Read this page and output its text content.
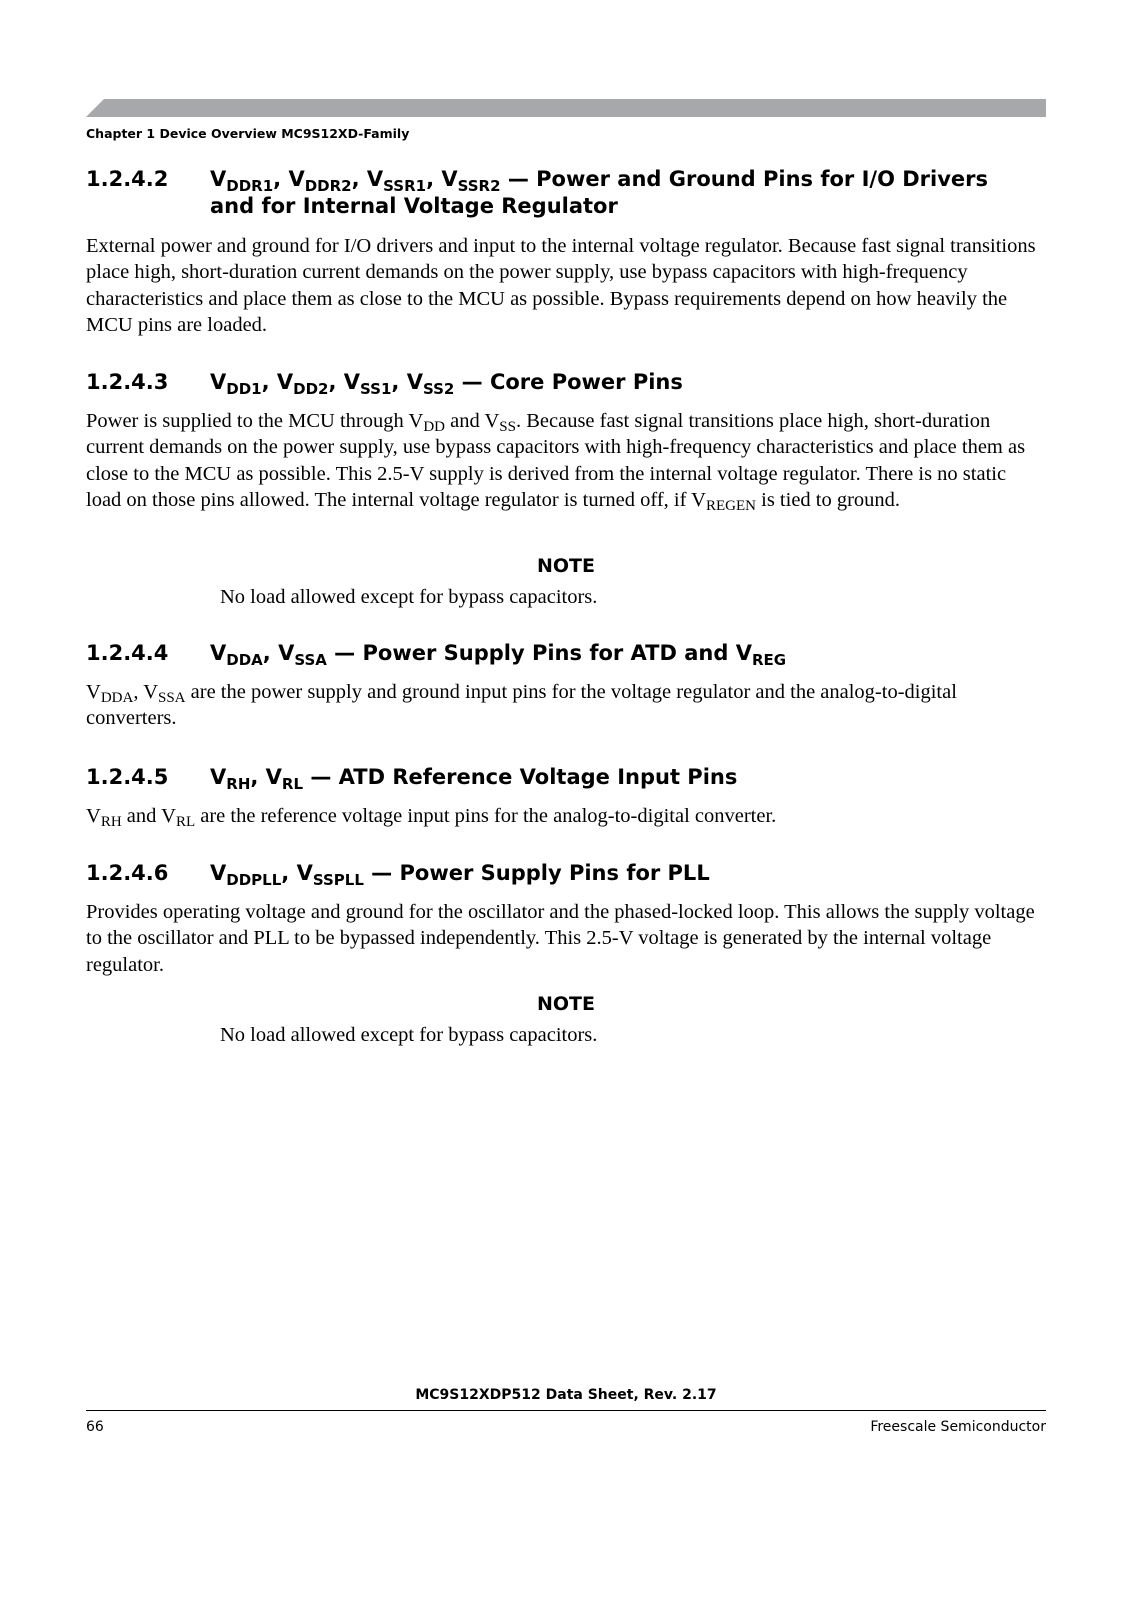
Chapter 1 Device Overview MC9S12XD-Family
1.2.4.2 $V_{DDR1}$, $V_{DDR2}$, $V_{SSR1}$, $V_{SSR2}$ — Power and Ground Pins for I/O Drivers
and for Internal Voltage Regulator

External power and ground for I/O drivers and input to the internal voltage regulator. Because fast signal transitions place high, short-duration current demands on the power supply, use bypass capacitors with high-frequency characteristics and place them as close to the MCU as possible. Bypass requirements depend on how heavily the MCU pins are loaded.

1.2.4.3 $V_{DD1}$, $V_{DD2}$, $V_{SS1}$, $V_{SS2}$ — Core Power Pins

Power is supplied to the MCU through $V_{DD}$ and $V_{SS}$. Because fast signal transitions place high, short-duration current demands on the power supply, use bypass capacitors with high-frequency characteristics and place them as close to the MCU as possible. This 2.5-V supply is derived from the internal voltage regulator. There is no static load on those pins allowed. The internal voltage regulator is turned off, if $V_{REGEN}$ is tied to ground.

NOTE

No load allowed except for bypass capacitors.

1.2.4.4 $V_{DDA}$, $V_{SSA}$ — Power Supply Pins for ATD and $V_{REG}$

$V_{DDA}$, $V_{SSA}$ are the power supply and ground input pins for the voltage regulator and the analog-to-digital converters.

1.2.4.5 $V_{RH}$, $V_{RL}$ — ATD Reference Voltage Input Pins

$V_{RH}$ and $V_{RL}$ are the reference voltage input pins for the analog-to-digital converter.

1.2.4.6 $V_{DDPLL}$, $V_{SSPLL}$ — Power Supply Pins for PLL

Provides operating voltage and ground for the oscillator and the phased-locked loop. This allows the supply voltage to the oscillator and PLL to be bypassed independently. This 2.5-V voltage is generated by the internal voltage regulator.

NOTE

No load allowed except for bypass capacitors.

MC9S12XDP512 Data Sheet, Rev. 2.17
66	Freescale Semiconductor
